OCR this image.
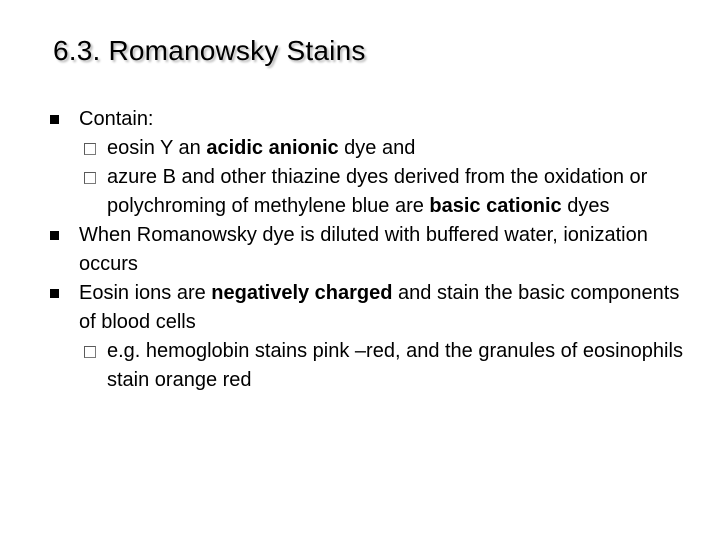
6.3. Romanowsky Stains
Contain:
eosin Y an acidic anionic dye and
azure B and other thiazine dyes derived from the oxidation or polychroming of methylene blue are basic cationic dyes
When Romanowsky dye is diluted with buffered water, ionization occurs
Eosin ions are negatively charged and stain the basic components of blood cells
e.g. hemoglobin stains pink –red, and the granules of eosinophils stain orange red
